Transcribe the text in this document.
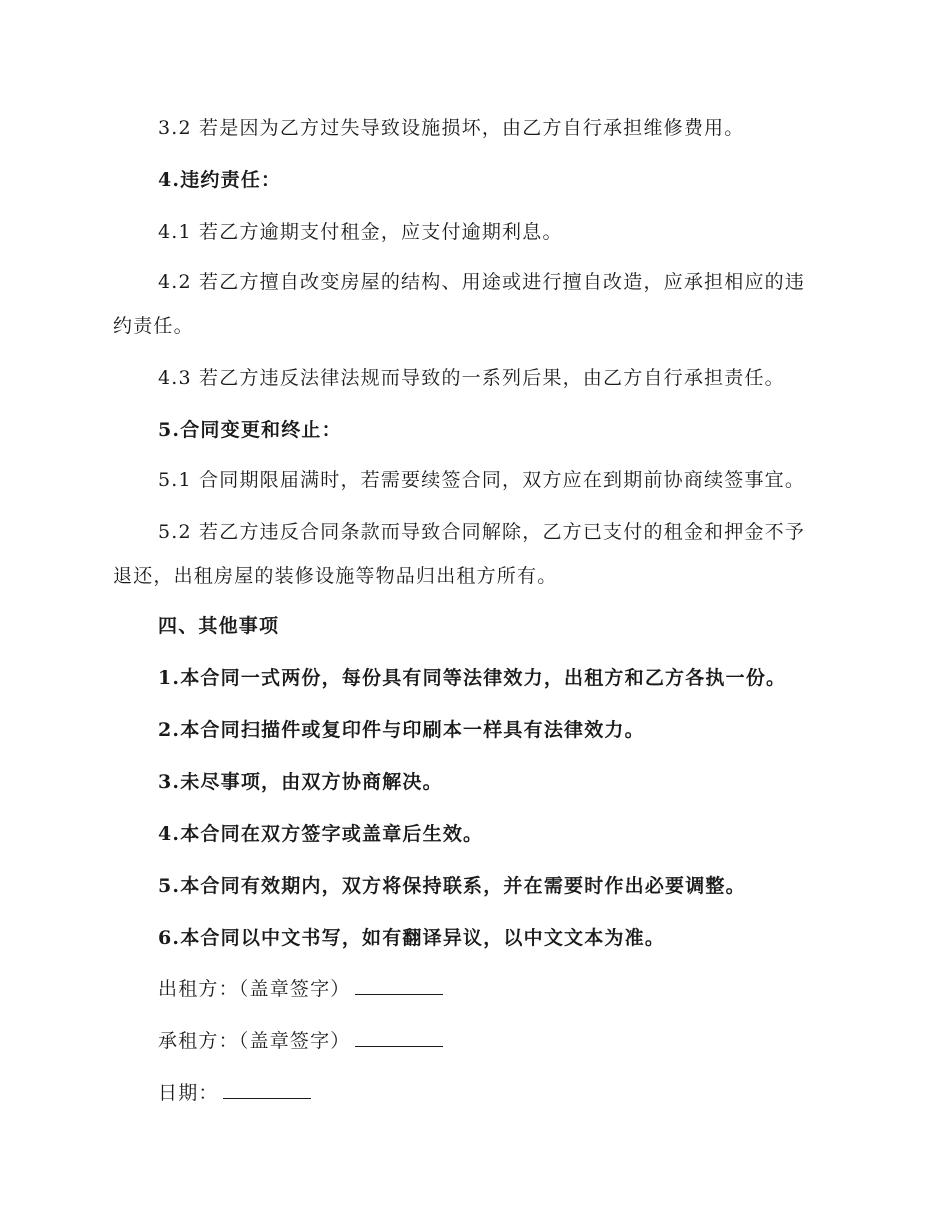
3.2 若是因为乙方过失导致设施损坏，由乙方自行承担维修费用。
4.违约责任：
4.1 若乙方逾期支付租金，应支付逾期利息。
4.2 若乙方擅自改变房屋的结构、用途或进行擅自改造，应承担相应的违
约责任。
4.3 若乙方违反法律法规而导致的一系列后果，由乙方自行承担责任。
5.合同变更和终止：
5.1 合同期限届满时，若需要续签合同，双方应在到期前协商续签事宜。
5.2 若乙方违反合同条款而导致合同解除，乙方已支付的租金和押金不予
退还，出租房屋的装修设施等物品归出租方所有。
四、其他事项
1.本合同一式两份，每份具有同等法律效力，出租方和乙方各执一份。
2.本合同扫描件或复印件与印刷本一样具有法律效力。
3.未尽事项，由双方协商解决。
4.本合同在双方签字或盖章后生效。
5.本合同有效期内，双方将保持联系，并在需要时作出必要调整。
6.本合同以中文书写，如有翻译异议，以中文文本为准。
出租方：（盖章签字）
承租方：（盖章签字）
日期：
